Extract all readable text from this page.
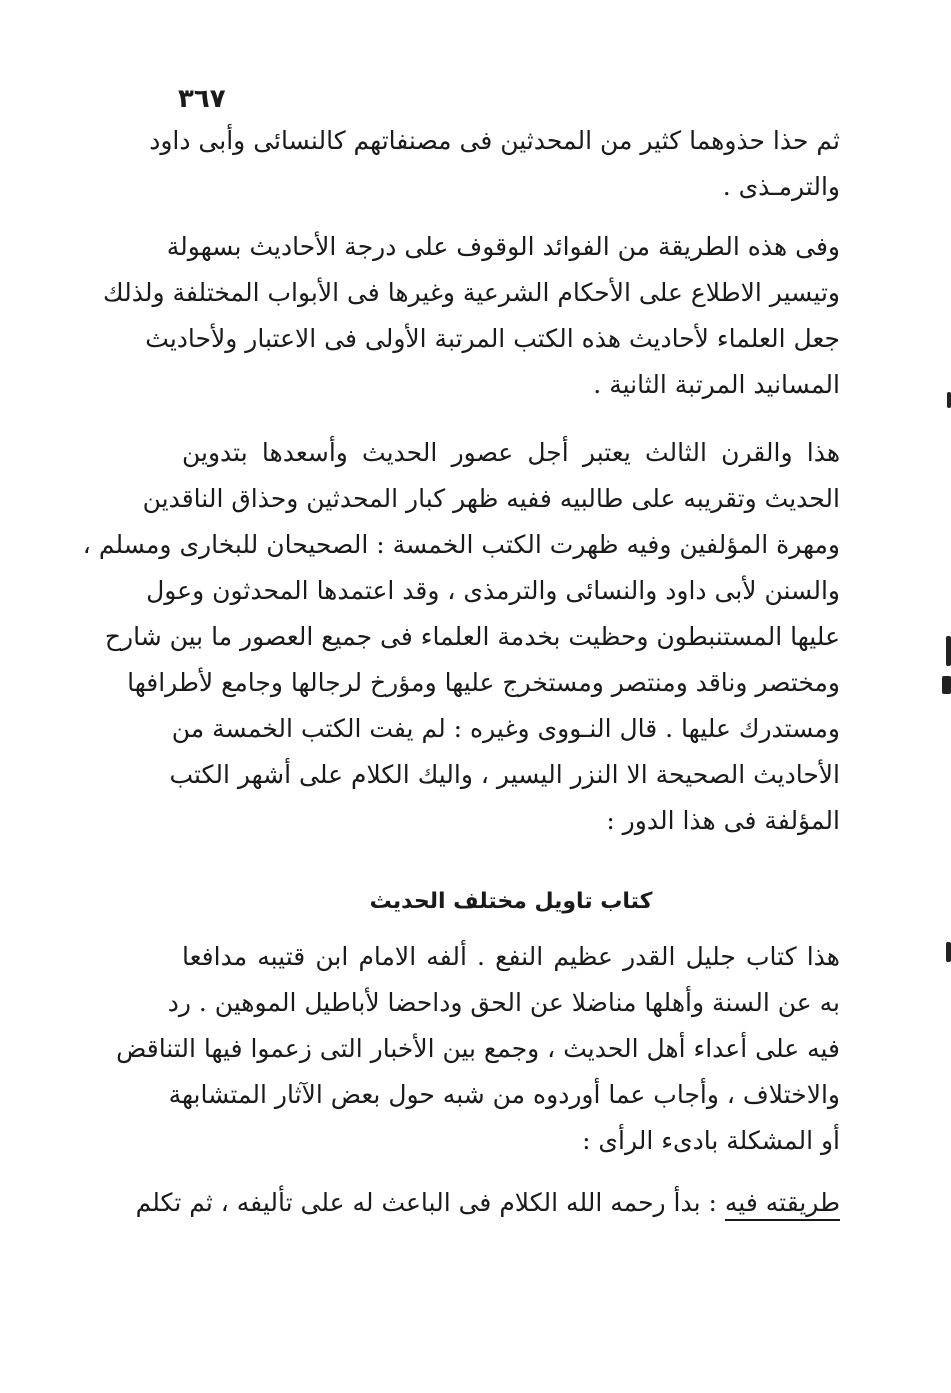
٣٦٧
ثم حذا حذوهما كثير من المحدثين فى مصنفاتهم كالنسائى وأبى داود
والترمـذى .
وفى هذه الطريقة من الفوائد الوقوف على درجة الأحاديث بسهولة
وتيسير الاطلاع على الأحكام الشرعية وغيرها فى الأبواب المختلفة ولذلك
جعل العلماء لأحاديث هذه الكتب المرتبة الأولى فى الاعتبار ولأحاديث
المسانيد المرتبة الثانية .
هذا والقرن الثالث يعتبر أجل عصور الحديث وأسعدها بتدوين
الحديث وتقريبه على طالبيه ففيه ظهر كبار المحدثين وحذاق الناقدين
ومهرة المؤلفين وفيه ظهرت الكتب الخمسة : الصحيحان للبخارى ومسلم ،
والسنن لأبى داود والنسائى والترمذى ، وقد اعتمدها المحدثون وعول
عليها المستنبطون وحظيت بخدمة العلماء فى جميع العصور ما بين شارح
ومختصر وناقد ومنتصر ومستخرج عليها ومؤرخ لرجالها وجامع لأطرافها
ومستدرك عليها . قال النـووى وغيره : لم يفت الكتب الخمسة من
الأحاديث الصحيحة الا النزر اليسير ، واليك الكلام على أشهر الكتب
المؤلفة فى هذا الدور :
كتاب تاويل مختلف الحديث
هذا كتاب جليل القدر عظيم النفع . ألفه الامام ابن قتيبه مدافعا
به عن السنة وأهلها مناضلا عن الحق وداحضا لأباطيل الموهين . رد
فيه على أعداء أهل الحديث ، وجمع بين الأخبار التى زعموا فيها التناقض
والاختلاف ، وأجاب عما أوردوه من شبه حول بعض الآثار المتشابهة
أو المشكلة بادىء الرأى :
طريقته فيه : بدأ رحمه الله الكلام فى الباعث له على تأليفه ، ثم تكلم
